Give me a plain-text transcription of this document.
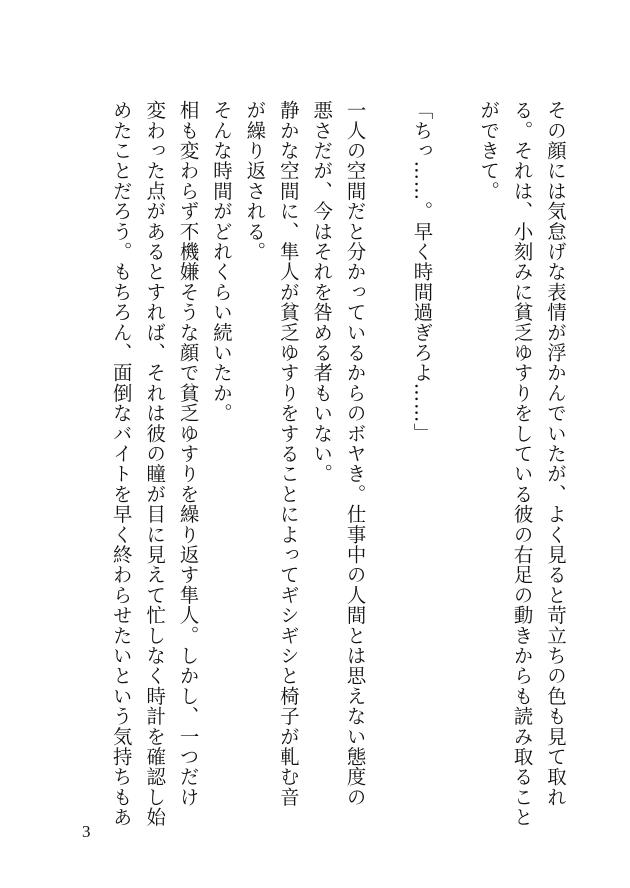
その顔には気怠げな表情が浮かんでいたが、よく見ると苛立ちの色も見て取れ
る。それは、小刻みに貧乏ゆすりをしている彼の右足の動きからも読み取ること
ができて。
「ちっ……。早く時間過ぎろよ……」
一人の空間だと分かっているからのボヤき。仕事中の人間とは思えない態度の
悪さだが、今はそれを咎める者もいない。
静かな空間に、隼人が貧乏ゆすりをすることによってギシギシと椅子が軋む音
が繰り返される。
そんな時間がどれくらい続いたか。
相も変わらず不機嫌そうな顔で貧乏ゆすりを繰り返す隼人。しかし、一つだけ
変わった点があるとすれば、それは彼の瞳が目に見えて忙しなく時計を確認し始
めたことだろう。もちろん、面倒なバイトを早く終わらせたいという気持ちもあ
3
